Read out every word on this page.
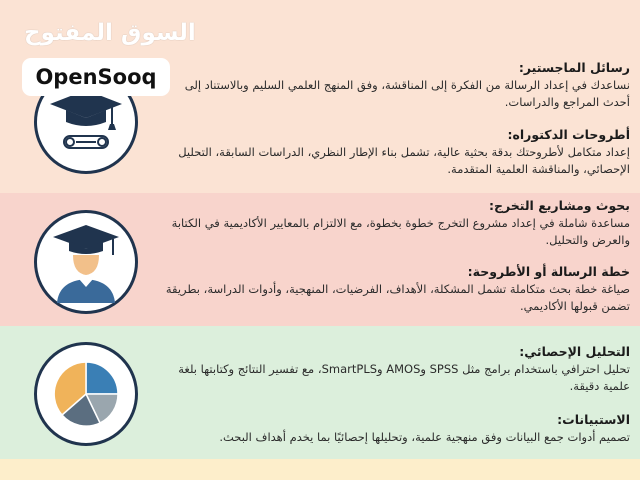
رسائل الماجستير:

نساعدك في إعداد الرسالة من الفكرة إلى المناقشة، وفق المنهج العلمي السليم وبالاستناد إلى أحدث المراجع والدراسات.

أطروحات الدكتوراه:

إعداد متكامل لأطروحتك بدقة بحثية عالية، تشمل بناء الإطار النظري، الدراسات السابقة، التحليل الإحصائي، والمناقشة العلمية المتقدمة.

بحوث ومشاريع التخرج:

مساعدة شاملة في إعداد مشروع التخرج خطوة بخطوة، مع الالتزام بالمعايير الأكاديمية في الكتابة والعرض والتحليل.

خطة الرسالة أو الأطروحة:

صياغة خطة بحث متكاملة تشمل المشكلة، الأهداف، الفرضيات، المنهجية، وأدوات الدراسة، بطريقة تضمن قبولها الأكاديمي.

التحليل الإحصائي:

تحليل احترافي باستخدام برامج مثل SPSS وAMOS وSmartPLS، مع تفسير النتائج وكتابتها بلغة علمية دقيقة.

الاستبيانات:

تصميم أدوات جمع البيانات وفق منهجية علمية، وتحليلها إحصائيًا بما يخدم أهداف البحث.

السوق المفتوح
OpenSooq
